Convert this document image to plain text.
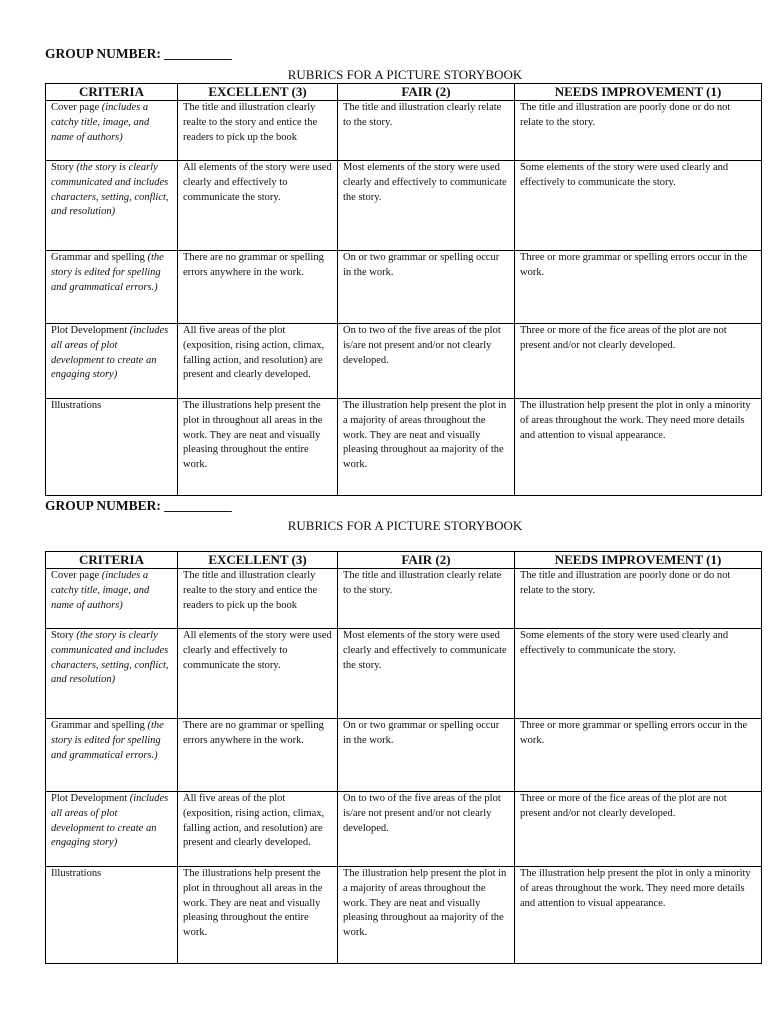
GROUP NUMBER: __________
RUBRICS FOR A PICTURE STORYBOOK
CRITERIA	EXCELLENT (3)	FAIR (2)	NEEDS IMPROVEMENT (1)
Cover page (includes a catchy title, image, and name of authors)	The title and illustration clearly realte to the story and entice the readers to pick up the book	The title and illustration clearly relate to the story.	The title and illustration are poorly done or do not relate to the story.
Story (the story is clearly communicated and includes characters, setting, conflict, and resolution)	All elements of the story were used clearly and effectively to communicate the story.	Most elements of the story were used clearly and effectively to communicate the story.	Some elements of the story were used clearly and effectively to communicate the story.
Grammar and spelling (the story is edited for spelling and grammatical errors.)	There are no grammar or spelling errors anywhere in the work.	On or two grammar or spelling occur in the work.	Three or more grammar or spelling errors occur in the work.
Plot Development (includes all areas of plot development to create an engaging story)	All five areas of the plot (exposition, rising action, climax, falling action, and resolution) are present and clearly developed.	On to two of the five areas of the plot is/are not present and/or not clearly developed.	Three or more of the fice areas of the plot are not present and/or not clearly developed.
Illustrations	The illustrations help present the plot in throughout all areas in the work. They are neat and visually pleasing throughout the entire work.	The illustration help present the plot in a majority of areas throughout the work. They are neat and visually pleasing throughout aa majority of the work.	The illustration help present the plot in only a minority of areas throughout the work. They need more details and attention to visual appearance.
GROUP NUMBER: __________
RUBRICS FOR A PICTURE STORYBOOK
CRITERIA	EXCELLENT (3)	FAIR (2)	NEEDS IMPROVEMENT (1)
Cover page (includes a catchy title, image, and name of authors)	The title and illustration clearly realte to the story and entice the readers to pick up the book	The title and illustration clearly relate to the story.	The title and illustration are poorly done or do not relate to the story.
Story (the story is clearly communicated and includes characters, setting, conflict, and resolution)	All elements of the story were used clearly and effectively to communicate the story.	Most elements of the story were used clearly and effectively to communicate the story.	Some elements of the story were used clearly and effectively to communicate the story.
Grammar and spelling (the story is edited for spelling and grammatical errors.)	There are no grammar or spelling errors anywhere in the work.	On or two grammar or spelling occur in the work.	Three or more grammar or spelling errors occur in the work.
Plot Development (includes all areas of plot development to create an engaging story)	All five areas of the plot (exposition, rising action, climax, falling action, and resolution) are present and clearly developed.	On to two of the five areas of the plot is/are not present and/or not clearly developed.	Three or more of the fice areas of the plot are not present and/or not clearly developed.
Illustrations	The illustrations help present the plot in throughout all areas in the work. They are neat and visually pleasing throughout the entire work.	The illustration help present the plot in a majority of areas throughout the work. They are neat and visually pleasing throughout aa majority of the work.	The illustration help present the plot in only a minority of areas throughout the work. They need more details and attention to visual appearance.
